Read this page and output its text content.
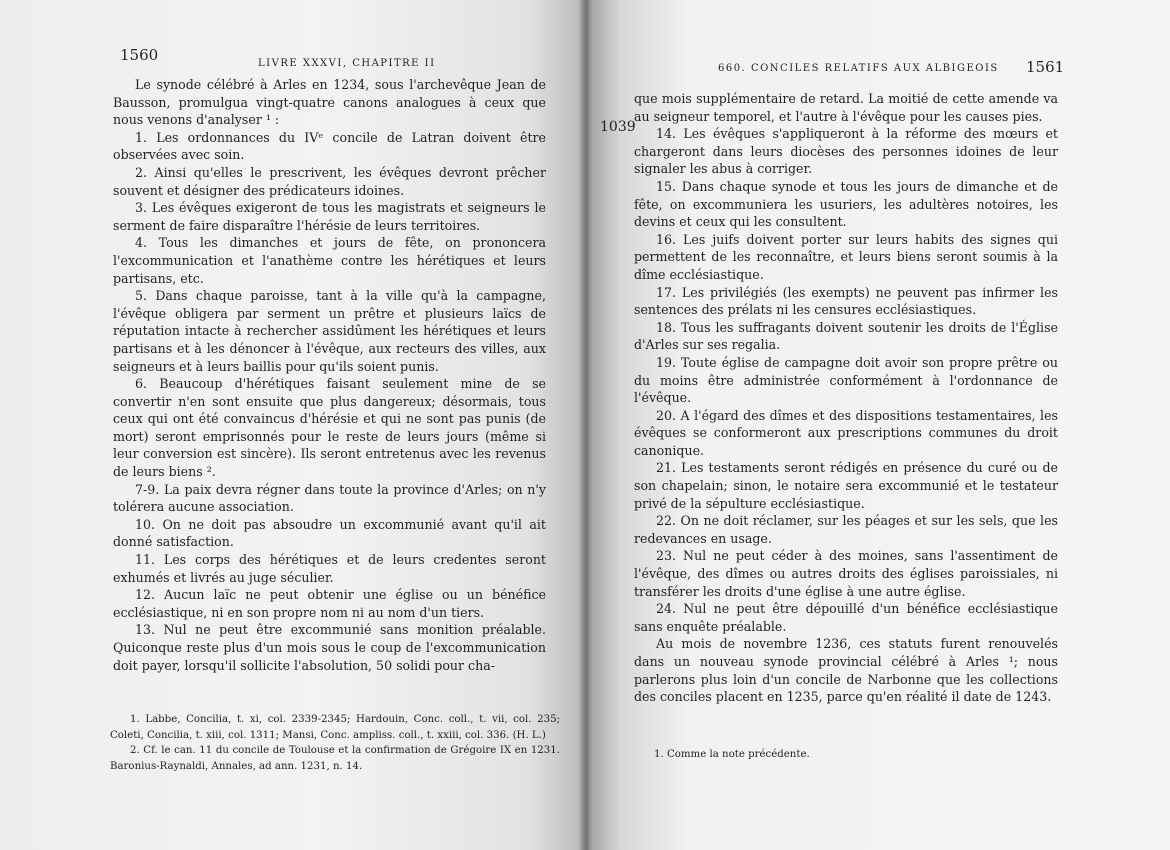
1560	LIVRE XXXVI, CHAPITRE II

Le synode célébré à Arles en 1234, sous l'archevêque Jean de Bausson, promulgua vingt-quatre canons analogues à ceux que nous venons d'analyser ¹ :

1. Les ordonnances du IVᵉ concile de Latran doivent être observées avec soin.

2. Ainsi qu'elles le prescrivent, les évêques devront prêcher souvent et désigner des prédicateurs idoines.

3. Les évêques exigeront de tous les magistrats et seigneurs le serment de faire disparaître l'hérésie de leurs territoires.

4. Tous les dimanches et jours de fête, on prononcera l'excommunication et l'anathème contre les hérétiques et leurs partisans, etc.

5. Dans chaque paroisse, tant à la ville qu'à la campagne, l'évêque obligera par serment un prêtre et plusieurs laïcs de réputation intacte à rechercher assidûment les hérétiques et leurs partisans et à les dénoncer à l'évêque, aux recteurs des villes, aux seigneurs et à leurs baillis pour qu'ils soient punis.

6. Beaucoup d'hérétiques faisant seulement mine de se convertir n'en sont ensuite que plus dangereux; désormais, tous ceux qui ont été convaincus d'hérésie et qui ne sont pas punis (de mort) seront emprisonnés pour le reste de leurs jours (même si leur conversion est sincère). Ils seront entretenus avec les revenus de leurs biens ².

7-9. La paix devra régner dans toute la province d'Arles; on n'y tolérera aucune association.

10. On ne doit pas absoudre un excommunié avant qu'il ait donné satisfaction.

11. Les corps des hérétiques et de leurs credentes seront exhumés et livrés au juge séculier.

12. Aucun laïc ne peut obtenir une église ou un bénéfice ecclésiastique, ni en son propre nom ni au nom d'un tiers.

13. Nul ne peut être excommunié sans monition préalable. Quiconque reste plus d'un mois sous le coup de l'excommunication doit payer, lorsqu'il sollicite l'absolution, 50 solidi pour cha-

1. Labbe, Concilia, t. xi, col. 2339-2345; Hardouin, Conc. coll., t. vii, col. 235; Coleti, Concilia, t. xiii, col. 1311; Mansi, Conc. ampliss. coll., t. xxiii, col. 336. (H. L.)

2. Cf. le can. 11 du concile de Toulouse et la confirmation de Grégoire IX en 1231. Baronius-Raynaldi, Annales, ad ann. 1231, n. 14.

660. CONCILES RELATIFS AUX ALBIGEOIS 1561
1039

que mois supplémentaire de retard. La moitié de cette amende va au seigneur temporel, et l'autre à l'évêque pour les causes pies.

14. Les évêques s'appliqueront à la réforme des mœurs et chargeront dans leurs diocèses des personnes idoines de leur signaler les abus à corriger.

15. Dans chaque synode et tous les jours de dimanche et de fête, on excommuniera les usuriers, les adultères notoires, les devins et ceux qui les consultent.

16. Les juifs doivent porter sur leurs habits des signes qui permettent de les reconnaître, et leurs biens seront soumis à la dîme ecclésiastique.

17. Les privilégiés (les exempts) ne peuvent pas infirmer les sentences des prélats ni les censures ecclésiastiques.

18. Tous les suffragants doivent soutenir les droits de l'Église d'Arles sur ses regalia.

19. Toute église de campagne doit avoir son propre prêtre ou du moins être administrée conformément à l'ordonnance de l'évêque.

20. A l'égard des dîmes et des dispositions testamentaires, les évêques se conformeront aux prescriptions communes du droit canonique.

21. Les testaments seront rédigés en présence du curé ou de son chapelain; sinon, le notaire sera excommunié et le testateur privé de la sépulture ecclésiastique.

22. On ne doit réclamer, sur les péages et sur les sels, que les redevances en usage.

23. Nul ne peut céder à des moines, sans l'assentiment de l'évêque, des dîmes ou autres droits des églises paroissiales, ni transférer les droits d'une église à une autre église.

24. Nul ne peut être dépouillé d'un bénéfice ecclésiastique sans enquête préalable.

Au mois de novembre 1236, ces statuts furent renouvelés dans un nouveau synode provincial célébré à Arles ¹; nous parlerons plus loin d'un concile de Narbonne que les collections des conciles placent en 1235, parce qu'en réalité il date de 1243.

1. Comme la note précédente.
